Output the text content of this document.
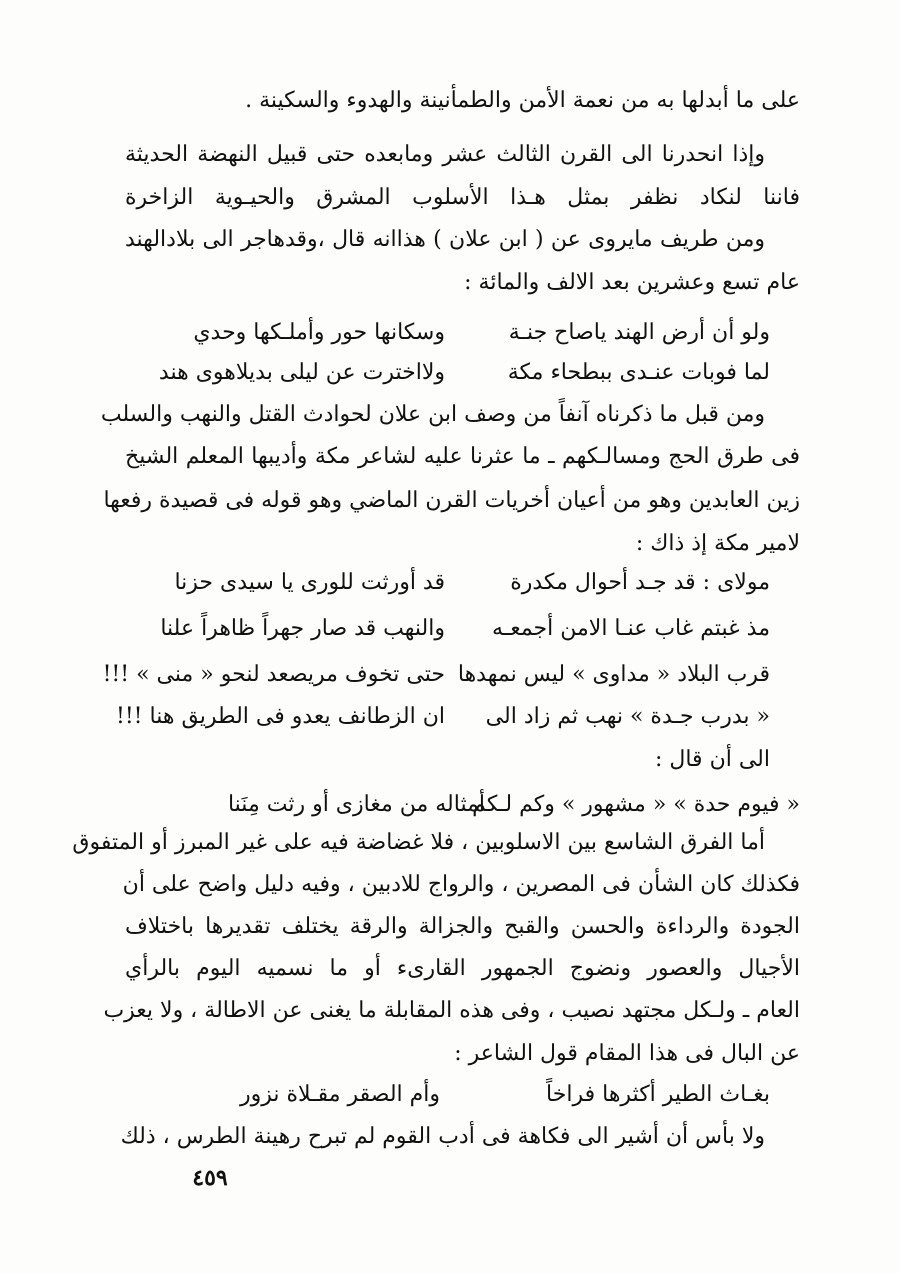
على ما أبدلها به من نعمة الأمن والطمأنينة والهدوء والسكينة .
وإذا انحدرنا الى القرن الثالث عشر ومابعده حتى قبيل النهضة الحديثة
فاننا لنكاد نظفر بمثل هـذا الأسلوب المشرق والحيـوية الزاخرة
ومن طريف مايروى عن ( ابن علان ) هذاانه قال ،وقدهاجر الى بلادالهند
عام تسع وعشرين بعد الالف والمائة :
ولو أن أرض الهند ياصاح جنـة
وسكانها حور وأملـكها وحدي
لما فوبات عنـدى ببطحاء مكة
ولااخترت عن ليلى بديلاهوى هند
ومن قبل ما ذكرناه آنفاً من وصف ابن علان لحوادث القتل والنهب والسلب
فى طرق الحج ومسالـكهم ـ ما عثرنا عليه لشاعر مكة وأديبها المعلم الشيخ
زين العابدين وهو من أعيان أخريات القرن الماضي وهو قوله فى قصيدة رفعها
لامير مكة إذ ذاك :
مولاى : قد جـد أحوال مكدرة
قد أورثت للورى يا سيدى حزنا
مذ غبتم غاب عنـا الامن أجمعـه
والنهب قد صار جهراً ظاهراً علنا
قرب البلاد « مداوى » ليس نمهدها
حتى تخوف مريصعد لنحو « منى » !!!
« بدرب جـدة » نهب ثم زاد الى
ان الزطانف يعدو فى الطريق هنا !!!
الى أن قال :
« فيوم حدة » « مشهور » وكم لـكم
أمثاله من مغازى أو رثت مِنَنا
أما الفرق الشاسع بين الاسلوبين ، فلا غضاضة فيه على غير المبرز أو المتفوق
فكذلك كان الشأن فى المصرين ، والرواج للادبين ، وفيه دليل واضح على أن
الجودة والرداءة والحسن والقبح والجزالة والرقة يختلف تقديرها باختلاف
الأجيال والعصور ونضوج الجمهور القارىء أو ما نسميه اليوم بالرأي
العام ـ ولـكل مجتهد نصيب ، وفى هذه المقابلة ما يغنى عن الاطالة ، ولا يعزب
عن البال فى هذا المقام قول الشاعر :
بغـاث الطير أكثرها فراخاً
وأم الصقر مقـلاة نزور
ولا بأس أن أشير الى فكاهة فى أدب القوم لم تبرح رهينة الطرس ، ذلك
٤٥٩
